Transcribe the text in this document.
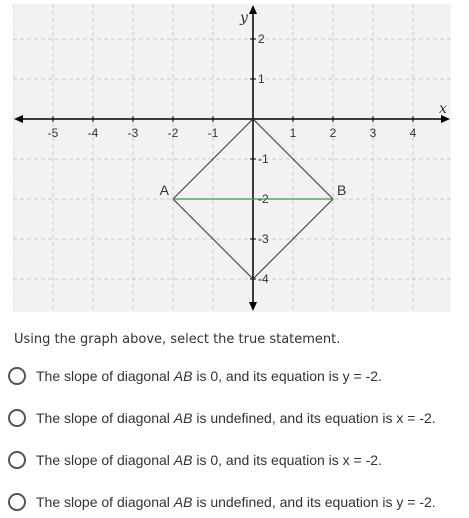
x
y
-5 -4 -3 -2 -1	1	2	3	4
2
1
-1
-2
-3
-4
A	B
Using the graph above, select the true statement.
The slope of diagonal AB is 0, and its equation is y = -2.
The slope of diagonal AB is undefined, and its equation is x = -2.
The slope of diagonal AB is 0, and its equation is x = -2.
The slope of diagonal AB is undefined, and its equation is y = -2.
